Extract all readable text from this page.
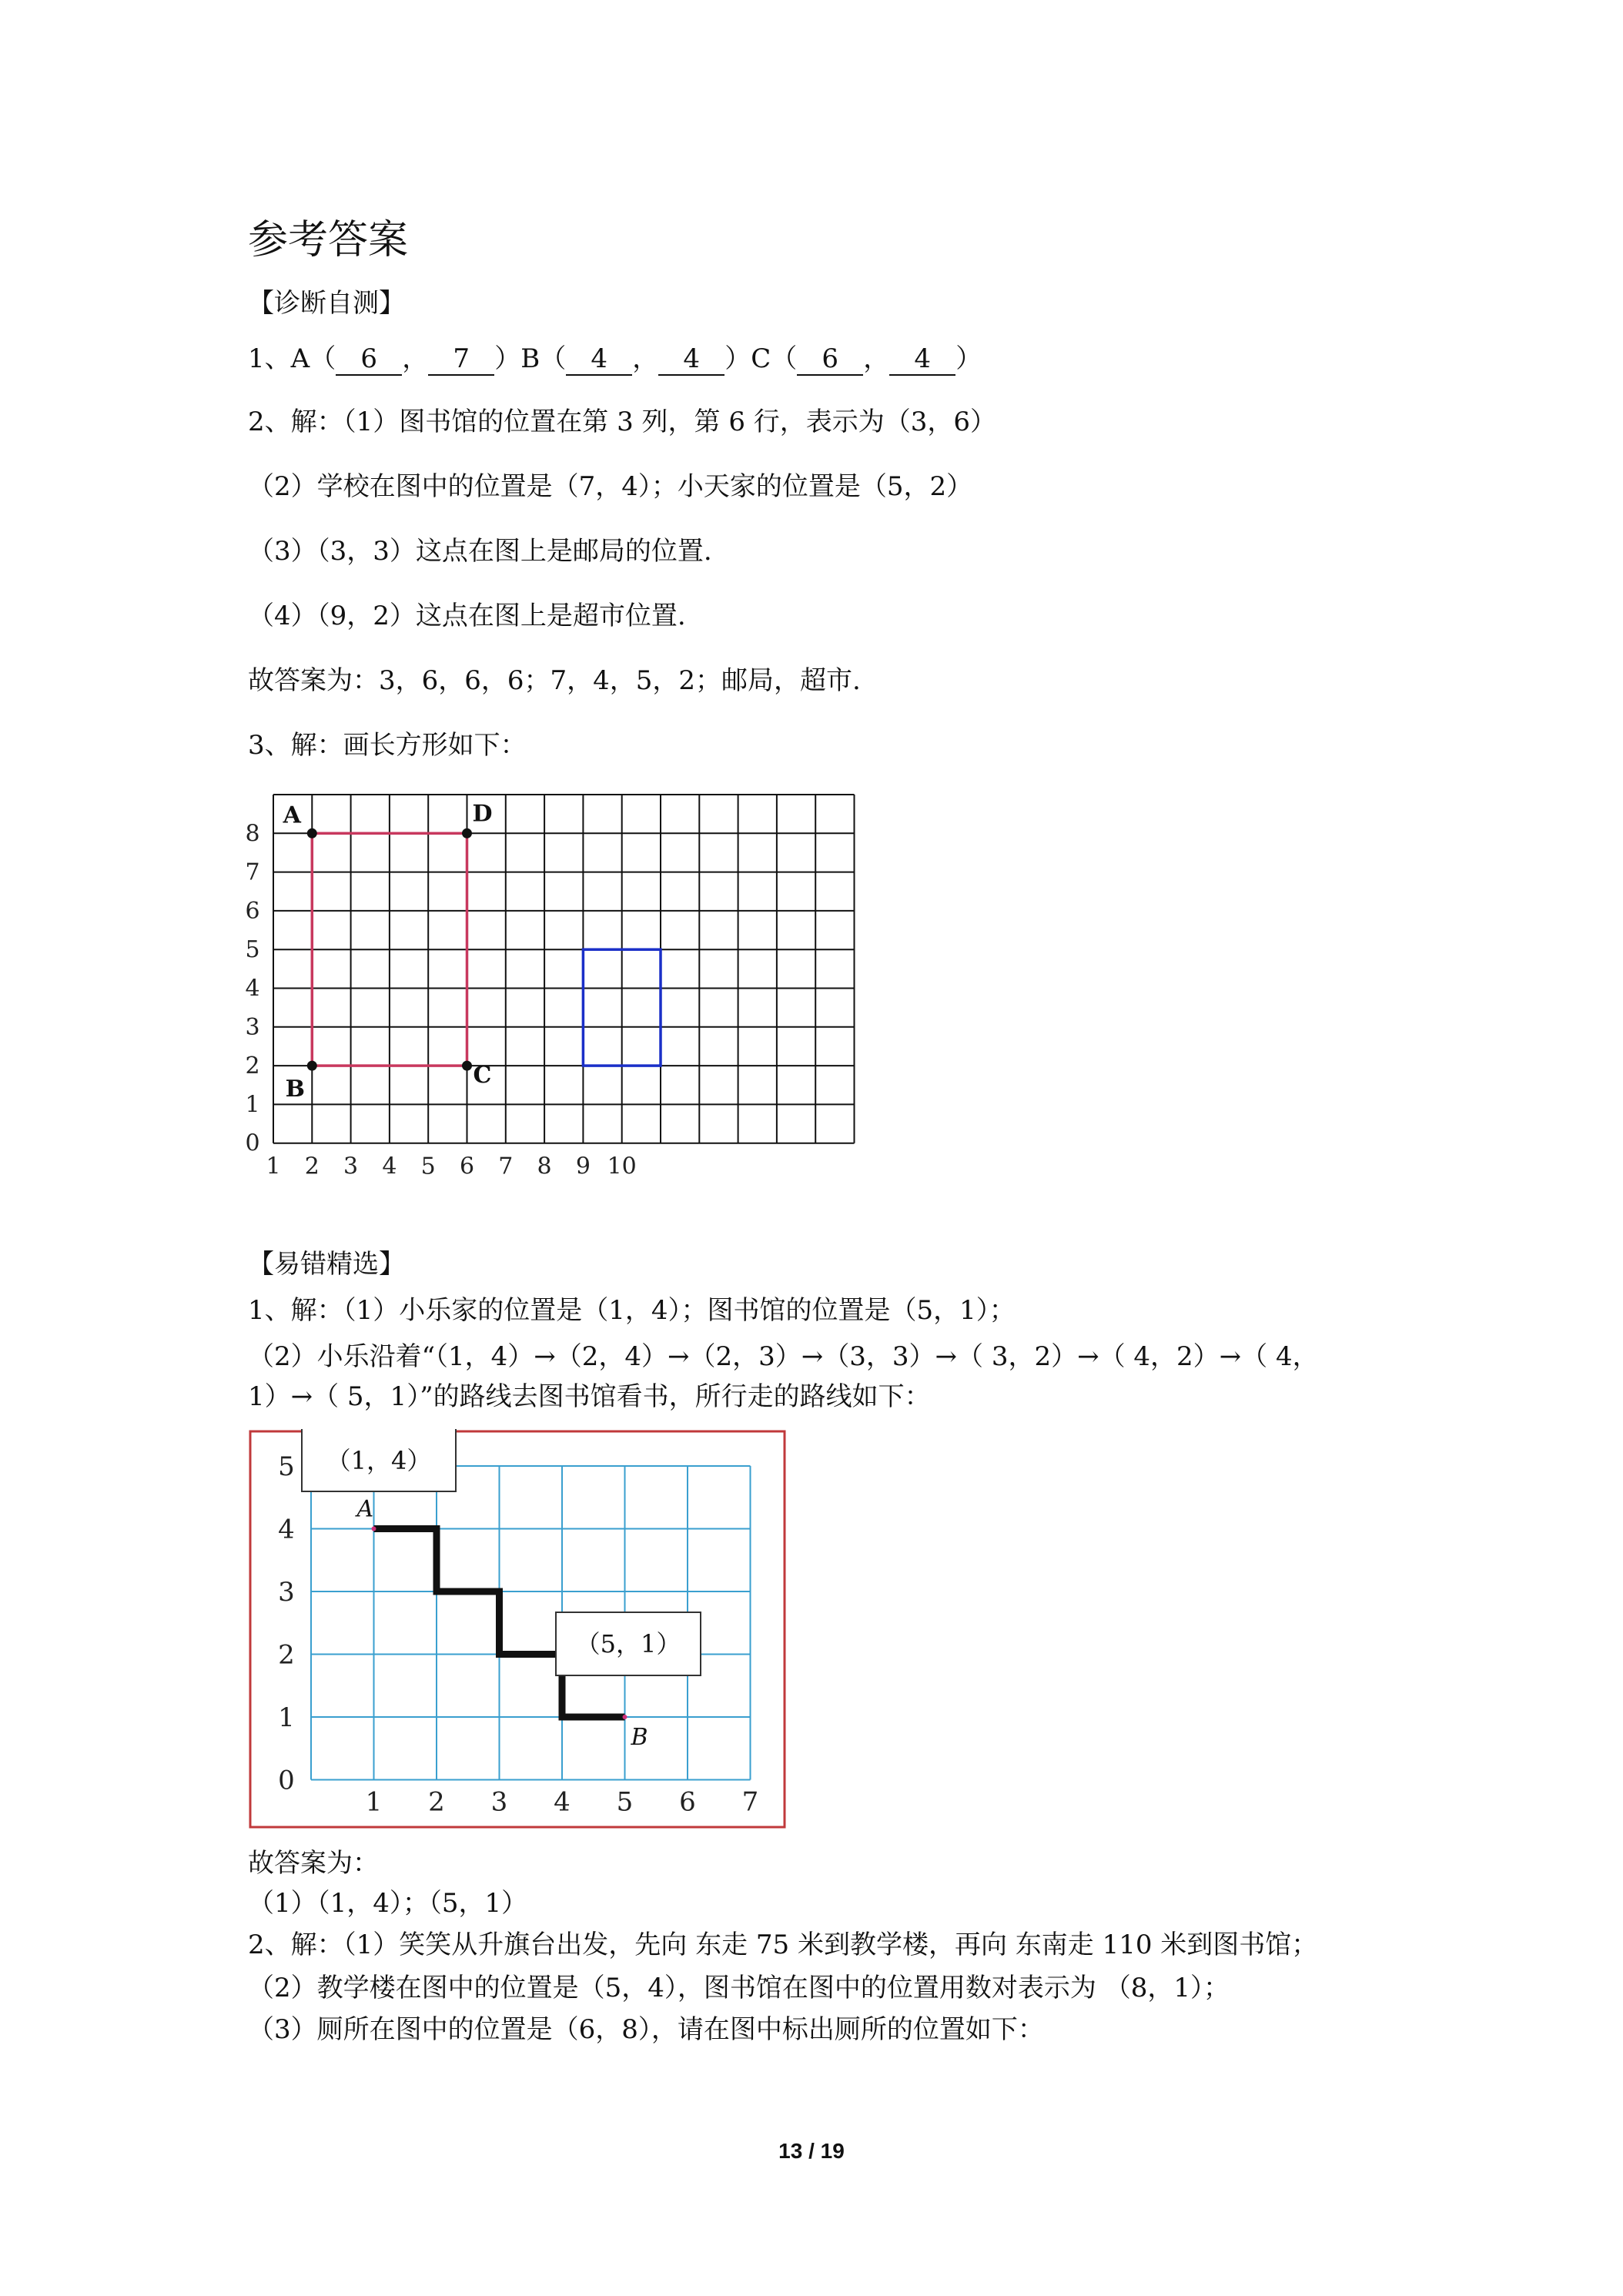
参考答案
【诊断自测】
1、A（ 6 ， 7 ）B（ 4 ， 4 ）C（ 6 ， 4 ）
2、解：（1）图书馆的位置在第 3 列，第 6 行，表示为（3，6）
（2）学校在图中的位置是（7，4）；小天家的位置是（5，2）
（3）（3，3）这点在图上是邮局的位置.
（4）（9，2）这点在图上是超市位置.
故答案为：3，6，6，6；7，4，5，2；邮局，超市.
3、解：画长方形如下：
0
1
2
3
4
5
6
7
8
1 2 3 4 5 6 7 8 9 10
A	D
B
C
【易错精选】
1、解：（1）小乐家的位置是（1，4）；图书馆的位置是（5，1）；
（2）小乐沿着“（1，4）→（2，4）→（2，3）→（3，3）→（ 3，2）→（ 4，2）→（ 4，
1）→（ 5，1）”的路线去图书馆看书，所行走的路线如下：
0
1
2
3
4
5
1 2 3 4 5 6 7
A
B
（1，4）
（5，1）
故答案为：
（1）（1，4）；（5，1）
2、解：（1）笑笑从升旗台出发，先向 东走 75 米到教学楼，再向 东南走 110 米到图书馆；
（2）教学楼在图中的位置是（5，4），图书馆在图中的位置用数对表示为 （8，1）；
（3）厕所在图中的位置是（6，8），请在图中标出厕所的位置如下：
13 / 19
